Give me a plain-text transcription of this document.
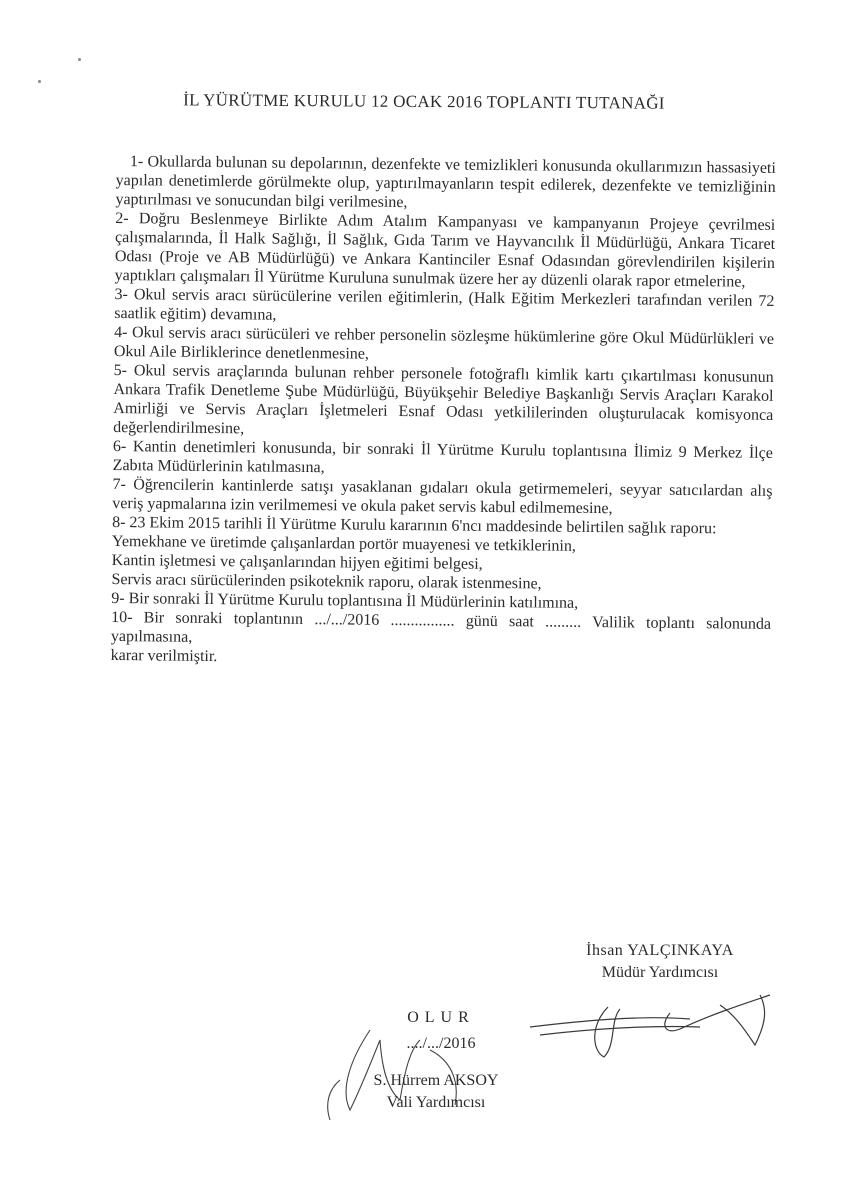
İL YÜRÜTME KURULU 12 OCAK 2016 TOPLANTI TUTANAĞI

1- Okullarda bulunan su depolarının, dezenfekte ve temizlikleri konusunda okullarımızın hassasiyeti yapılan denetimlerde görülmekte olup, yaptırılmayanların tespit edilerek, dezenfekte ve temizliğinin yaptırılması ve sonucundan bilgi verilmesine,

2- Doğru Beslenmeye Birlikte Adım Atalım Kampanyası ve kampanyanın Projeye çevrilmesi çalışmalarında, İl Halk Sağlığı, İl Sağlık, Gıda Tarım ve Hayvancılık İl Müdürlüğü, Ankara Ticaret Odası (Proje ve AB Müdürlüğü) ve Ankara Kantinciler Esnaf Odasından görevlendirilen kişilerin yaptıkları çalışmaları İl Yürütme Kuruluna sunulmak üzere her ay düzenli olarak rapor etmelerine,

3- Okul servis aracı sürücülerine verilen eğitimlerin, (Halk Eğitim Merkezleri tarafından verilen 72 saatlik eğitim) devamına,

4- Okul servis aracı sürücüleri ve rehber personelin sözleşme hükümlerine göre Okul Müdürlükleri ve Okul Aile Birliklerince denetlenmesine,

5- Okul servis araçlarında bulunan rehber personele fotoğraflı kimlik kartı çıkartılması konusunun Ankara Trafik Denetleme Şube Müdürlüğü, Büyükşehir Belediye Başkanlığı Servis Araçları Karakol Amirliği ve Servis Araçları İşletmeleri Esnaf Odası yetkililerinden oluşturulacak komisyonca değerlendirilmesine,

6- Kantin denetimleri konusunda, bir sonraki İl Yürütme Kurulu toplantısına İlimiz 9 Merkez İlçe Zabıta Müdürlerinin katılmasına,

7- Öğrencilerin kantinlerde satışı yasaklanan gıdaları okula getirmemeleri, seyyar satıcılardan alış veriş yapmalarına izin verilmemesi ve okula paket servis kabul edilmemesine,

8- 23 Ekim 2015 tarihli İl Yürütme Kurulu kararının 6'ncı maddesinde belirtilen sağlık raporu:

Yemekhane ve üretimde çalışanlardan portör muayenesi ve tetkiklerinin,

Kantin işletmesi ve çalışanlarından hijyen eğitimi belgesi,

Servis aracı sürücülerinden psikoteknik raporu, olarak istenmesine,

9- Bir sonraki İl Yürütme Kurulu toplantısına İl Müdürlerinin katılımına,

10- Bir sonraki toplantının .../.../2016 ................ günü saat ......... Valilik toplantı salonunda yapılmasına,

karar verilmiştir.

İhsan YALÇINKAYA
Müdür Yardımcısı
OLUR
..../.../2016
S. Hürrem AKSOY
Vali Yardımcısı
